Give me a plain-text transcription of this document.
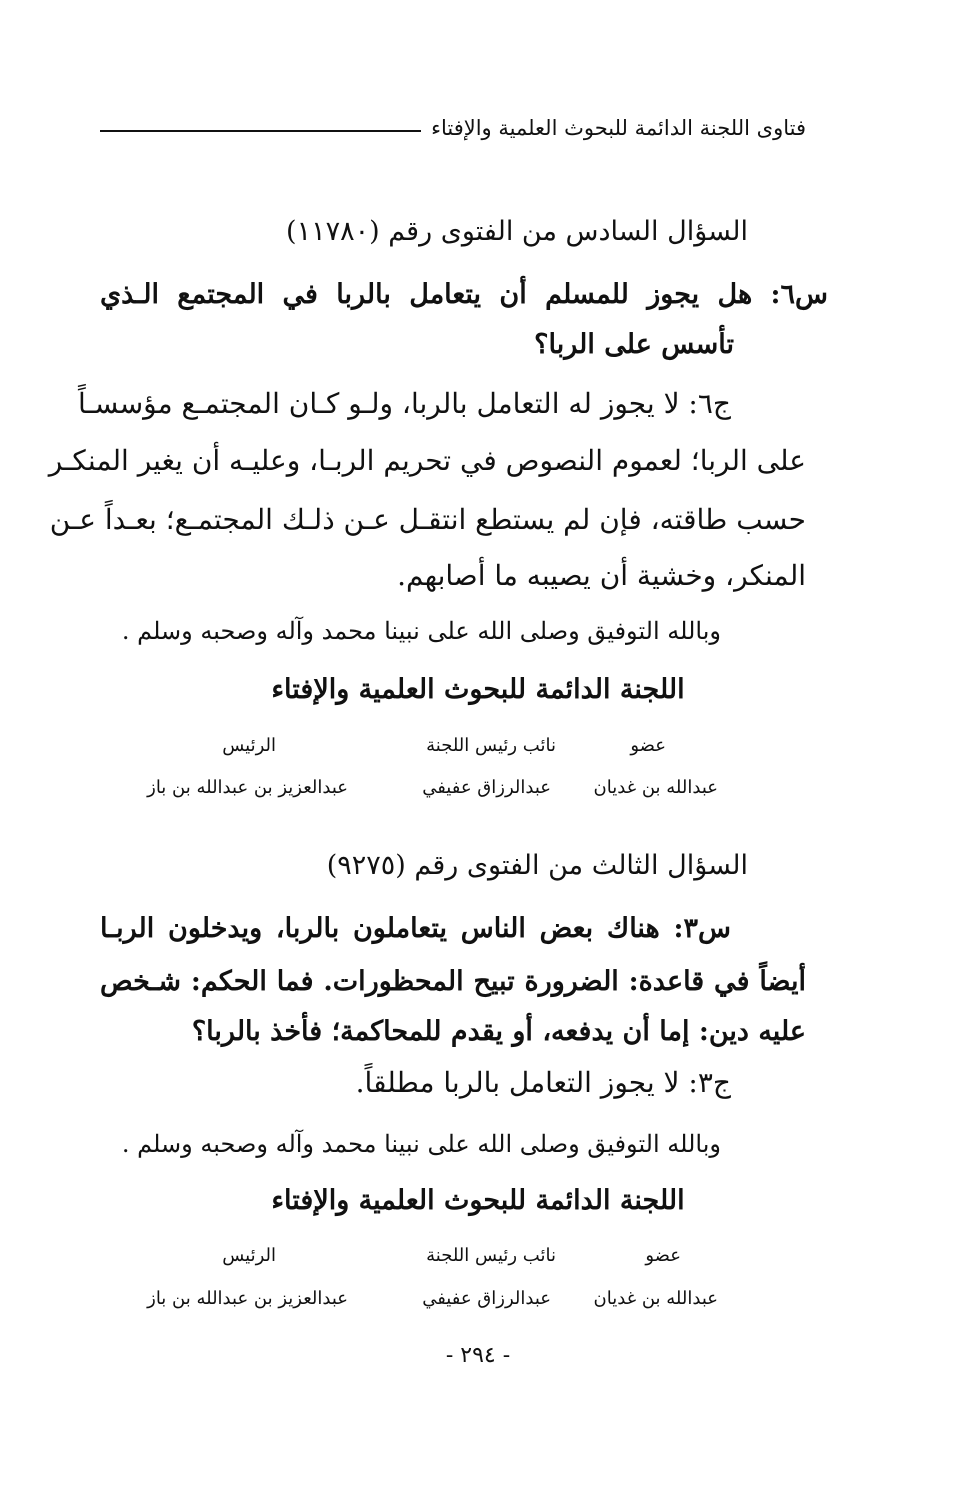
فتاوى اللجنة الدائمة للبحوث العلمية والإفتاء
السؤال السادس من الفتوى رقم (١١٧٨٠)
س٦: هل يجوز للمسلم أن يتعامل بالربا في المجتمع الـذي
تأسس على الربا؟
ج٦: لا يجوز له التعامل بالربا، ولـو كـان المجتمـع مؤسسـاً
على الربا؛ لعموم النصوص في تحريم الربـا، وعليـه أن يغير المنكـر
حسب طاقته، فإن لم يستطع انتقـل عـن ذلـك المجتمـع؛ بعـداً عـن
المنكر، وخشية أن يصيبه ما أصابهم.
وبالله التوفيق وصلى الله على نبينا محمد وآله وصحبه وسلم .
اللجنة الدائمة للبحوث العلمية والإفتاء
عضو
نائب رئيس اللجنة
الرئيس
عبدالله بن غديان
عبدالرزاق عفيفي
عبدالعزيز بن عبدالله بن باز
السؤال الثالث من الفتوى رقم (٩٢٧٥)
س٣: هناك بعض الناس يتعاملون بالربا، ويدخلون الربـا
أيضاً في قاعدة: الضرورة تبيح المحظورات. فما الحكم: شـخص
عليه دين: إما أن يدفعه، أو يقدم للمحاكمة؛ فأخذ بالربا؟
ج٣: لا يجوز التعامل بالربا مطلقاً.
وبالله التوفيق وصلى الله على نبينا محمد وآله وصحبه وسلم .
اللجنة الدائمة للبحوث العلمية والإفتاء
عضو
نائب رئيس اللجنة
الرئيس
عبدالله بن غديان
عبدالرزاق عفيفي
عبدالعزيز بن عبدالله بن باز
- ٢٩٤ -
